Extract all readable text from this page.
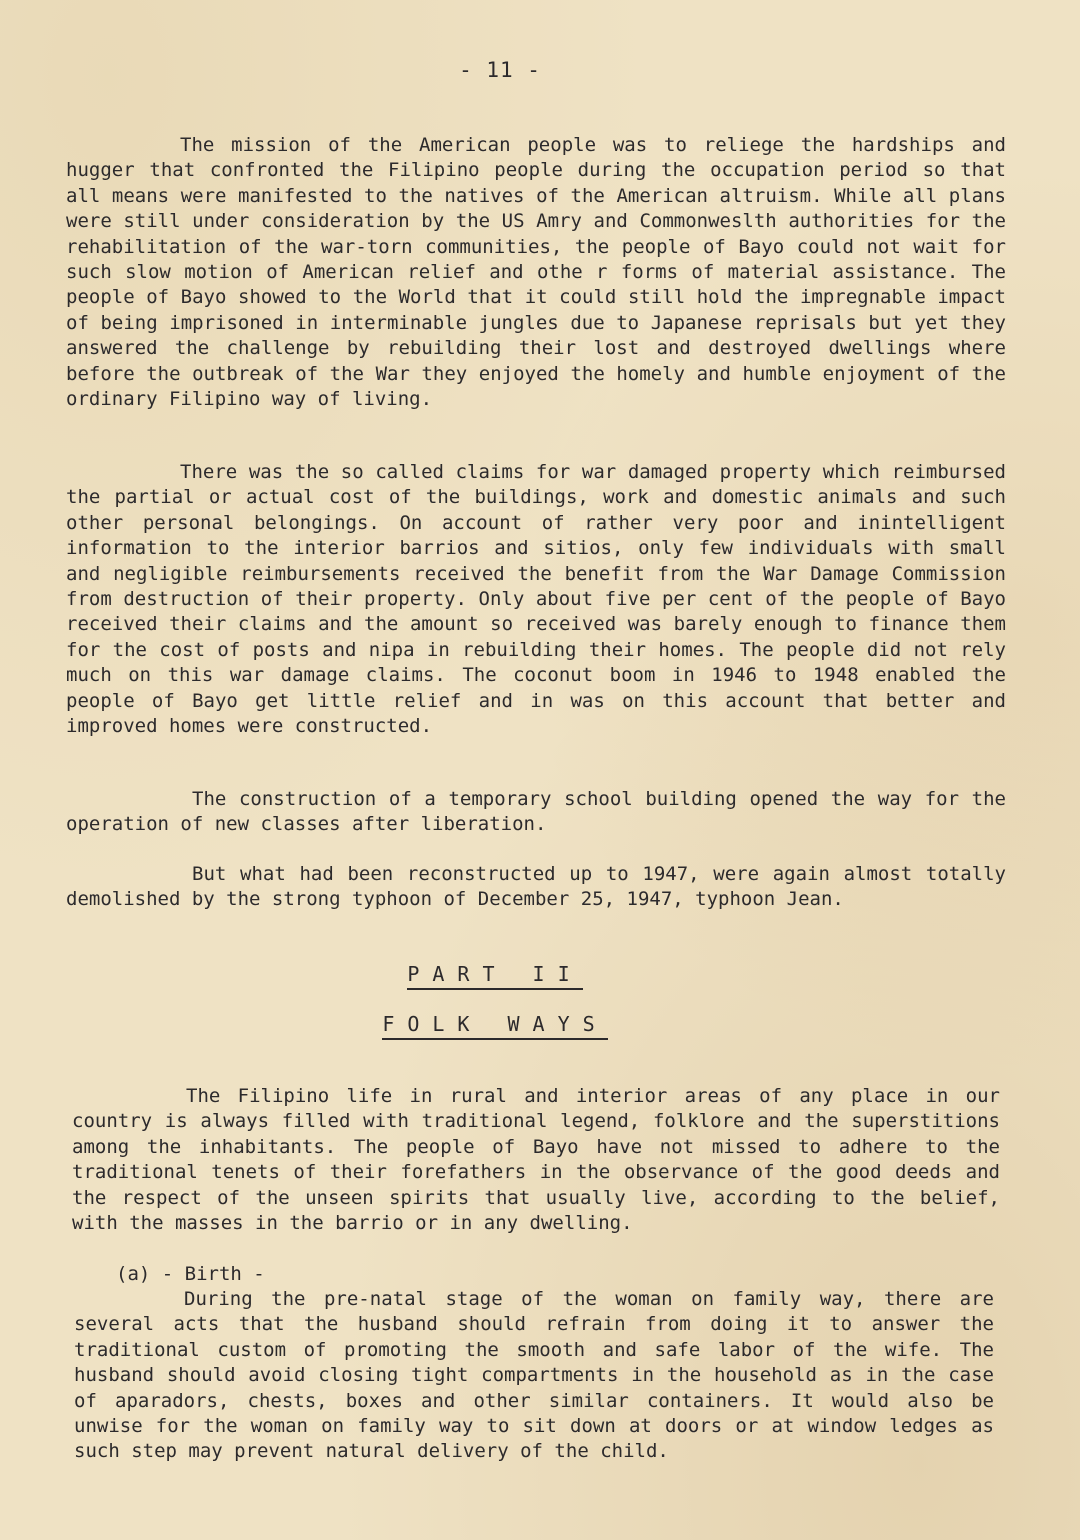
- 11 -

The mission of the American people was to reliege the hardships and hugger that confronted the Filipino people during the occupation period so that all means were manifested to the natives of the American altruism. While all plans were still under consideration by the US Amry and Commonweslth authorities for the rehabilitation of the war-torn communities, the people of Bayo could not wait for such slow motion of American relief and othe r forms of material assistance. The people of Bayo showed to the World that it could still hold the impregnable impact of being imprisoned in interminable jungles due to Japanese reprisals but yet they answered the challenge by rebuilding their lost and destroyed dwellings where before the outbreak of the War they enjoyed the homely and humble enjoyment of the ordinary Filipino way of living.

There was the so called claims for war damaged property which reimbursed the partial or actual cost of the buildings, work and domestic animals and such other personal belongings. On account of rather very poor and inintelligent information to the interior barrios and sitios, only few individuals with small and negligible reimbursements received the benefit from the War Damage Commission from destruction of their property. Only about five per cent of the people of Bayo received their claims and the amount so received was barely enough to finance them for the cost of posts and nipa in rebuilding their homes. The people did not rely much on this war damage claims. The coconut boom in 1946 to 1948 enabled the people of Bayo get little relief and in was on this account that better and improved homes were constructed.

The construction of a temporary school building opened the way for the operation of new classes after liberation.

But what had been reconstructed up to 1947, were again almost totally demolished by the strong typhoon of December 25, 1947, typhoon Jean.

PART II
FOLK WAYS

The Filipino life in rural and interior areas of any place in our country is always filled with traditional legend, folklore and the superstitions among the inhabitants. The people of Bayo have not missed to adhere to the traditional tenets of their forefathers in the observance of the good deeds and the respect of the unseen spirits that usually live, according to the belief, with the masses in the barrio or in any dwelling.

(a) - Birth -

During the pre-natal stage of the woman on family way, there are several acts that the husband should refrain from doing it to answer the traditional custom of promoting the smooth and safe labor of the wife. The husband should avoid closing tight compartments in the household as in the case of aparadors, chests, boxes and other similar containers. It would also be unwise for the woman on family way to sit down at doors or at window ledges as such step may prevent natural delivery of the child.
